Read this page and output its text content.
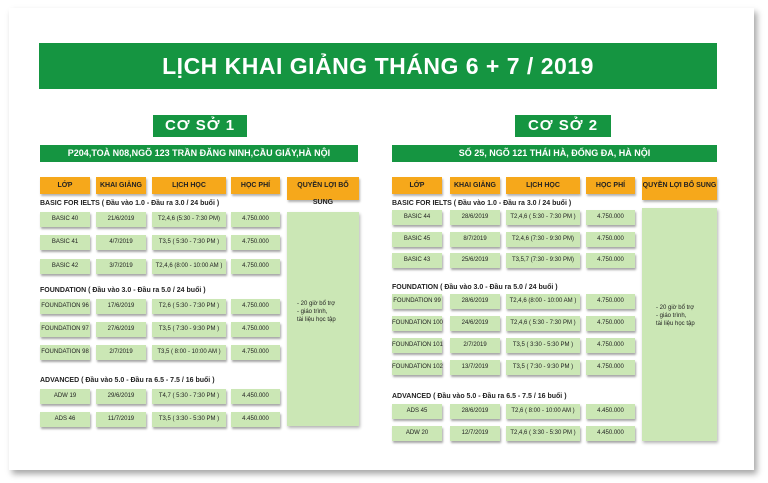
LỊCH KHAI GIẢNG THÁNG 6 + 7 / 2019
CƠ SỞ 1
P204,TOÀ N08,NGÕ 123 TRẦN ĐĂNG NINH,CẦU GIẤY,HÀ NỘI
LỚP	KHAI GIẢNG	LỊCH HỌC	HỌC PHÍ	QUYỀN LỢI BỔ SUNG
- 20 giờ bổ trợ
- giáo trình,
tài liệu học tập
BASIC FOR IELTS ( Đầu vào 1.0 - Đầu ra 3.0 / 24 buổi )
BASIC 40	21/6/2019	T2,4,6 (5:30 - 7:30 PM)	4.750.000
BASIC 41	4/7/2019	T3,5 ( 5:30 - 7:30 PM )	4.750.000
BASIC 42	3/7/2019	T2,4,6 (8:00 - 10:00 AM )	4.750.000
FOUNDATION ( Đầu vào 3.0 - Đầu ra 5.0 / 24 buổi )
FOUNDATION 96	17/6/2019	T2,6 ( 5:30 - 7:30 PM )	4.750.000
FOUNDATION 97	27/6/2019	T3,5 ( 7:30 - 9:30 PM )	4.750.000
FOUNDATION 98	2/7/2019	T3,5 ( 8:00 - 10:00 AM )	4.750.000
ADVANCED ( Đầu vào 5.0 - Đầu ra 6.5 - 7.5 / 16 buổi )
ADW 19	29/6/2019	T4,7 ( 5:30 - 7:30 PM )	4.450.000
ADS 46	11/7/2019	T3,5 ( 3:30 - 5:30 PM )	4.450.000
CƠ SỞ 2
SỐ 25, NGÕ 121 THÁI HÀ, ĐỐNG ĐA, HÀ NỘI
LỚP	KHAI GIẢNG	LỊCH HỌC	HỌC PHÍ	QUYỀN LỢI BỔ SUNG
- 20 giờ bổ trợ
- giáo trình,
tài liệu học tập
BASIC FOR IELTS ( Đầu vào 1.0 - Đầu ra 3.0 / 24 buổi )
BASIC 44	28/6/2019	T2,4,6 ( 5:30 - 7:30 PM )	4.750.000
BASIC 45	8/7/2019	T2,4,6 (7:30 - 9:30 PM)	4.750.000
BASIC 43	25/6/2019	T3,5,7 (7:30 - 9:30 PM)	4.750.000
FOUNDATION ( Đầu vào 3.0 - Đầu ra 5.0 / 24 buổi )
FOUNDATION 99	28/6/2019	T2,4,6 (8:00 - 10:00 AM )	4.750.000
FOUNDATION 100	24/6/2019	T2,4,6 ( 5:30 - 7:30 PM )	4.750.000
FOUNDATION 101	2/7/2019	T3,5 ( 3:30 - 5:30 PM )	4.750.000
FOUNDATION 102	13/7/2019	T3,5 ( 7:30 - 9:30 PM )	4.750.000
ADVANCED ( Đầu vào 5.0 - Đầu ra 6.5 - 7.5 / 16 buổi )
ADS 45	28/6/2019	T2,6 ( 8:00 - 10:00 AM )	4.450.000
ADW 20	12/7/2019	T2,4,6 ( 3:30 - 5:30 PM )	4.450.000
